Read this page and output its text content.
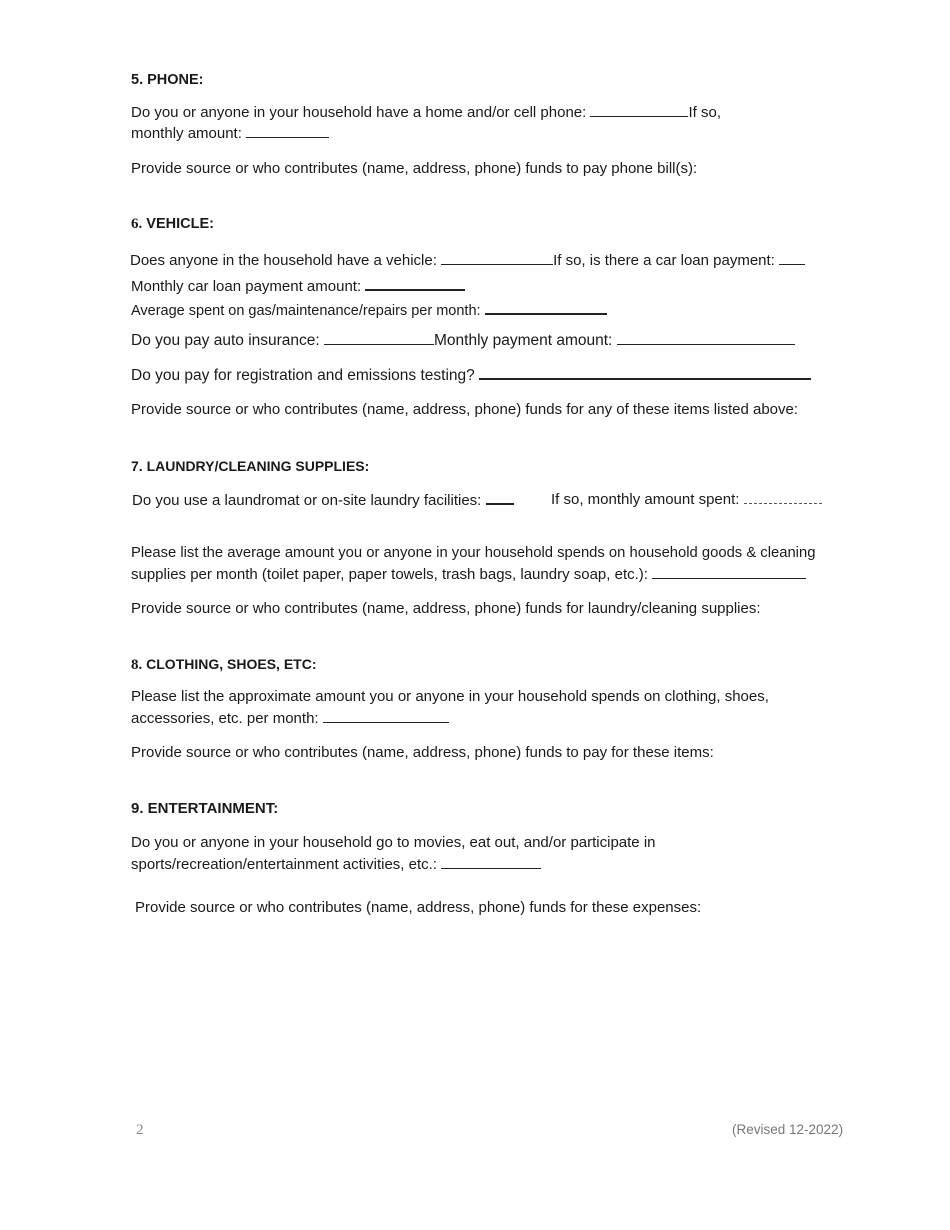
5. PHONE:
Do you or anyone in your household have a home and/or cell phone:	If so,
monthly amount:
Provide source or who contributes (name, address, phone) funds to pay phone bill(s):
6. VEHICLE:
Does anyone in the household have a vehicle:	If so, is there a car loan payment:
Monthly car loan payment amount:
Average spent on gas/maintenance/repairs per month:
Do you pay auto insurance:	Monthly payment amount:
Do you pay for registration and emissions testing?
Provide source or who contributes (name, address, phone) funds for any of these items listed above:
7. LAUNDRY/CLEANING SUPPLIES:
Do you use a laundromat or on-site laundry facilities:	If so, monthly amount spent:
Please list the average amount you or anyone in your household spends on household goods & cleaning
supplies per month (toilet paper, paper towels, trash bags, laundry soap, etc.):
Provide source or who contributes (name, address, phone) funds for laundry/cleaning supplies:
8. CLOTHING, SHOES, ETC:
Please list the approximate amount you or anyone in your household spends on clothing, shoes,
accessories, etc. per month:
Provide source or who contributes (name, address, phone) funds to pay for these items:
9. ENTERTAINMENT:
Do you or anyone in your household go to movies, eat out, and/or participate in
sports/recreation/entertainment activities, etc.:
Provide source or who contributes (name, address, phone) funds for these expenses:
2	(Revised 12-2022)
